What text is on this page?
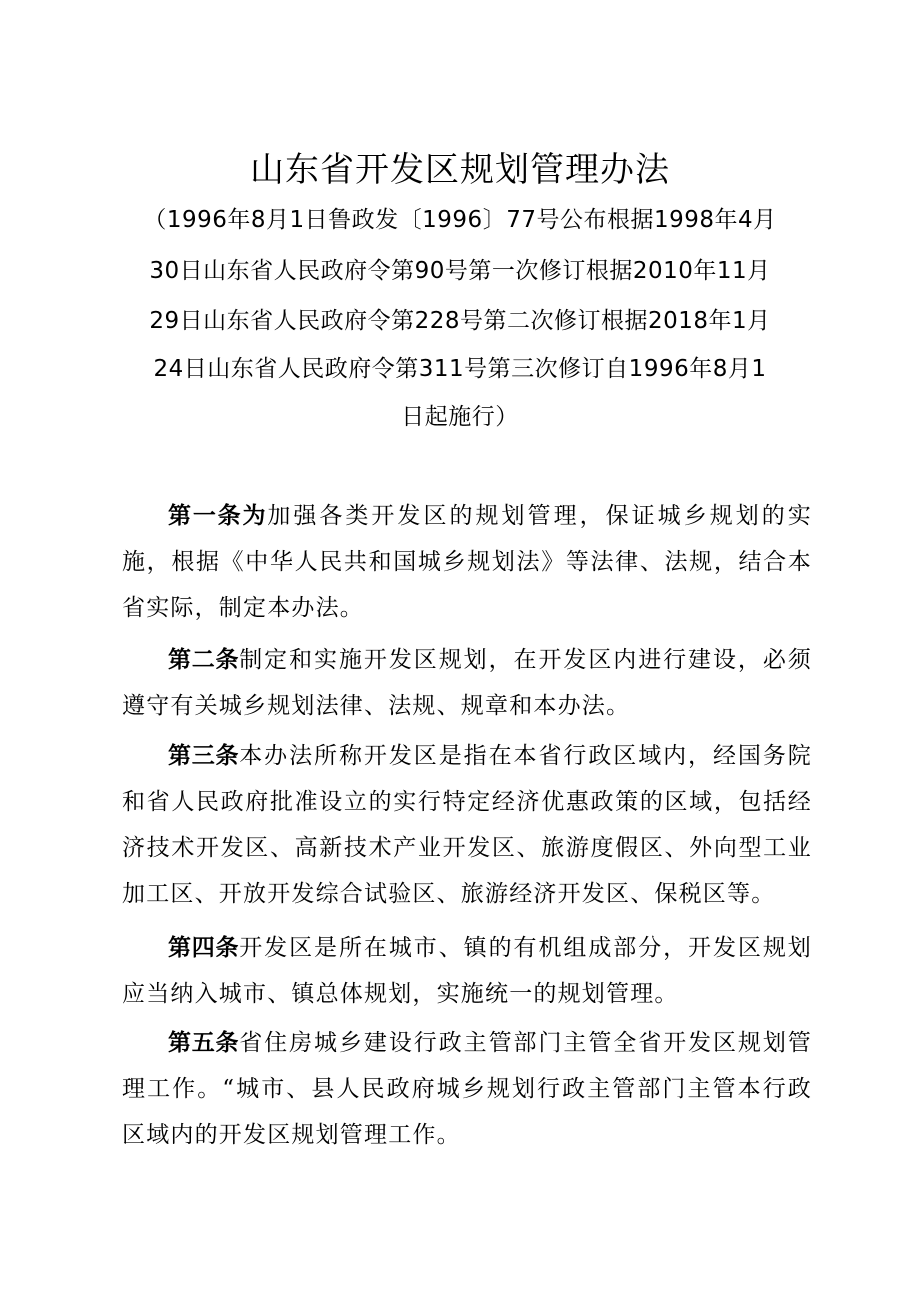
山东省开发区规划管理办法
（1996年8月1日鲁政发〔1996〕77号公布根据1998年4月
30日山东省人民政府令第90号第一次修订根据2010年11月
29日山东省人民政府令第228号第二次修订根据2018年1月
24日山东省人民政府令第311号第三次修订自1996年8月1
日起施行）

第一条为加强各类开发区的规划管理，保证城乡规划的实施，根据《中华人民共和国城乡规划法》等法律、法规，结合本省实际，制定本办法。

第二条制定和实施开发区规划，在开发区内进行建设，必须遵守有关城乡规划法律、法规、规章和本办法。

第三条本办法所称开发区是指在本省行政区域内，经国务院和省人民政府批准设立的实行特定经济优惠政策的区域，包括经济技术开发区、高新技术产业开发区、旅游度假区、外向型工业加工区、开放开发综合试验区、旅游经济开发区、保税区等。

第四条开发区是所在城市、镇的有机组成部分，开发区规划应当纳入城市、镇总体规划，实施统一的规划管理。

第五条省住房城乡建设行政主管部门主管全省开发区规划管理工作。“城市、县人民政府城乡规划行政主管部门主管本行政区域内的开发区规划管理工作。
